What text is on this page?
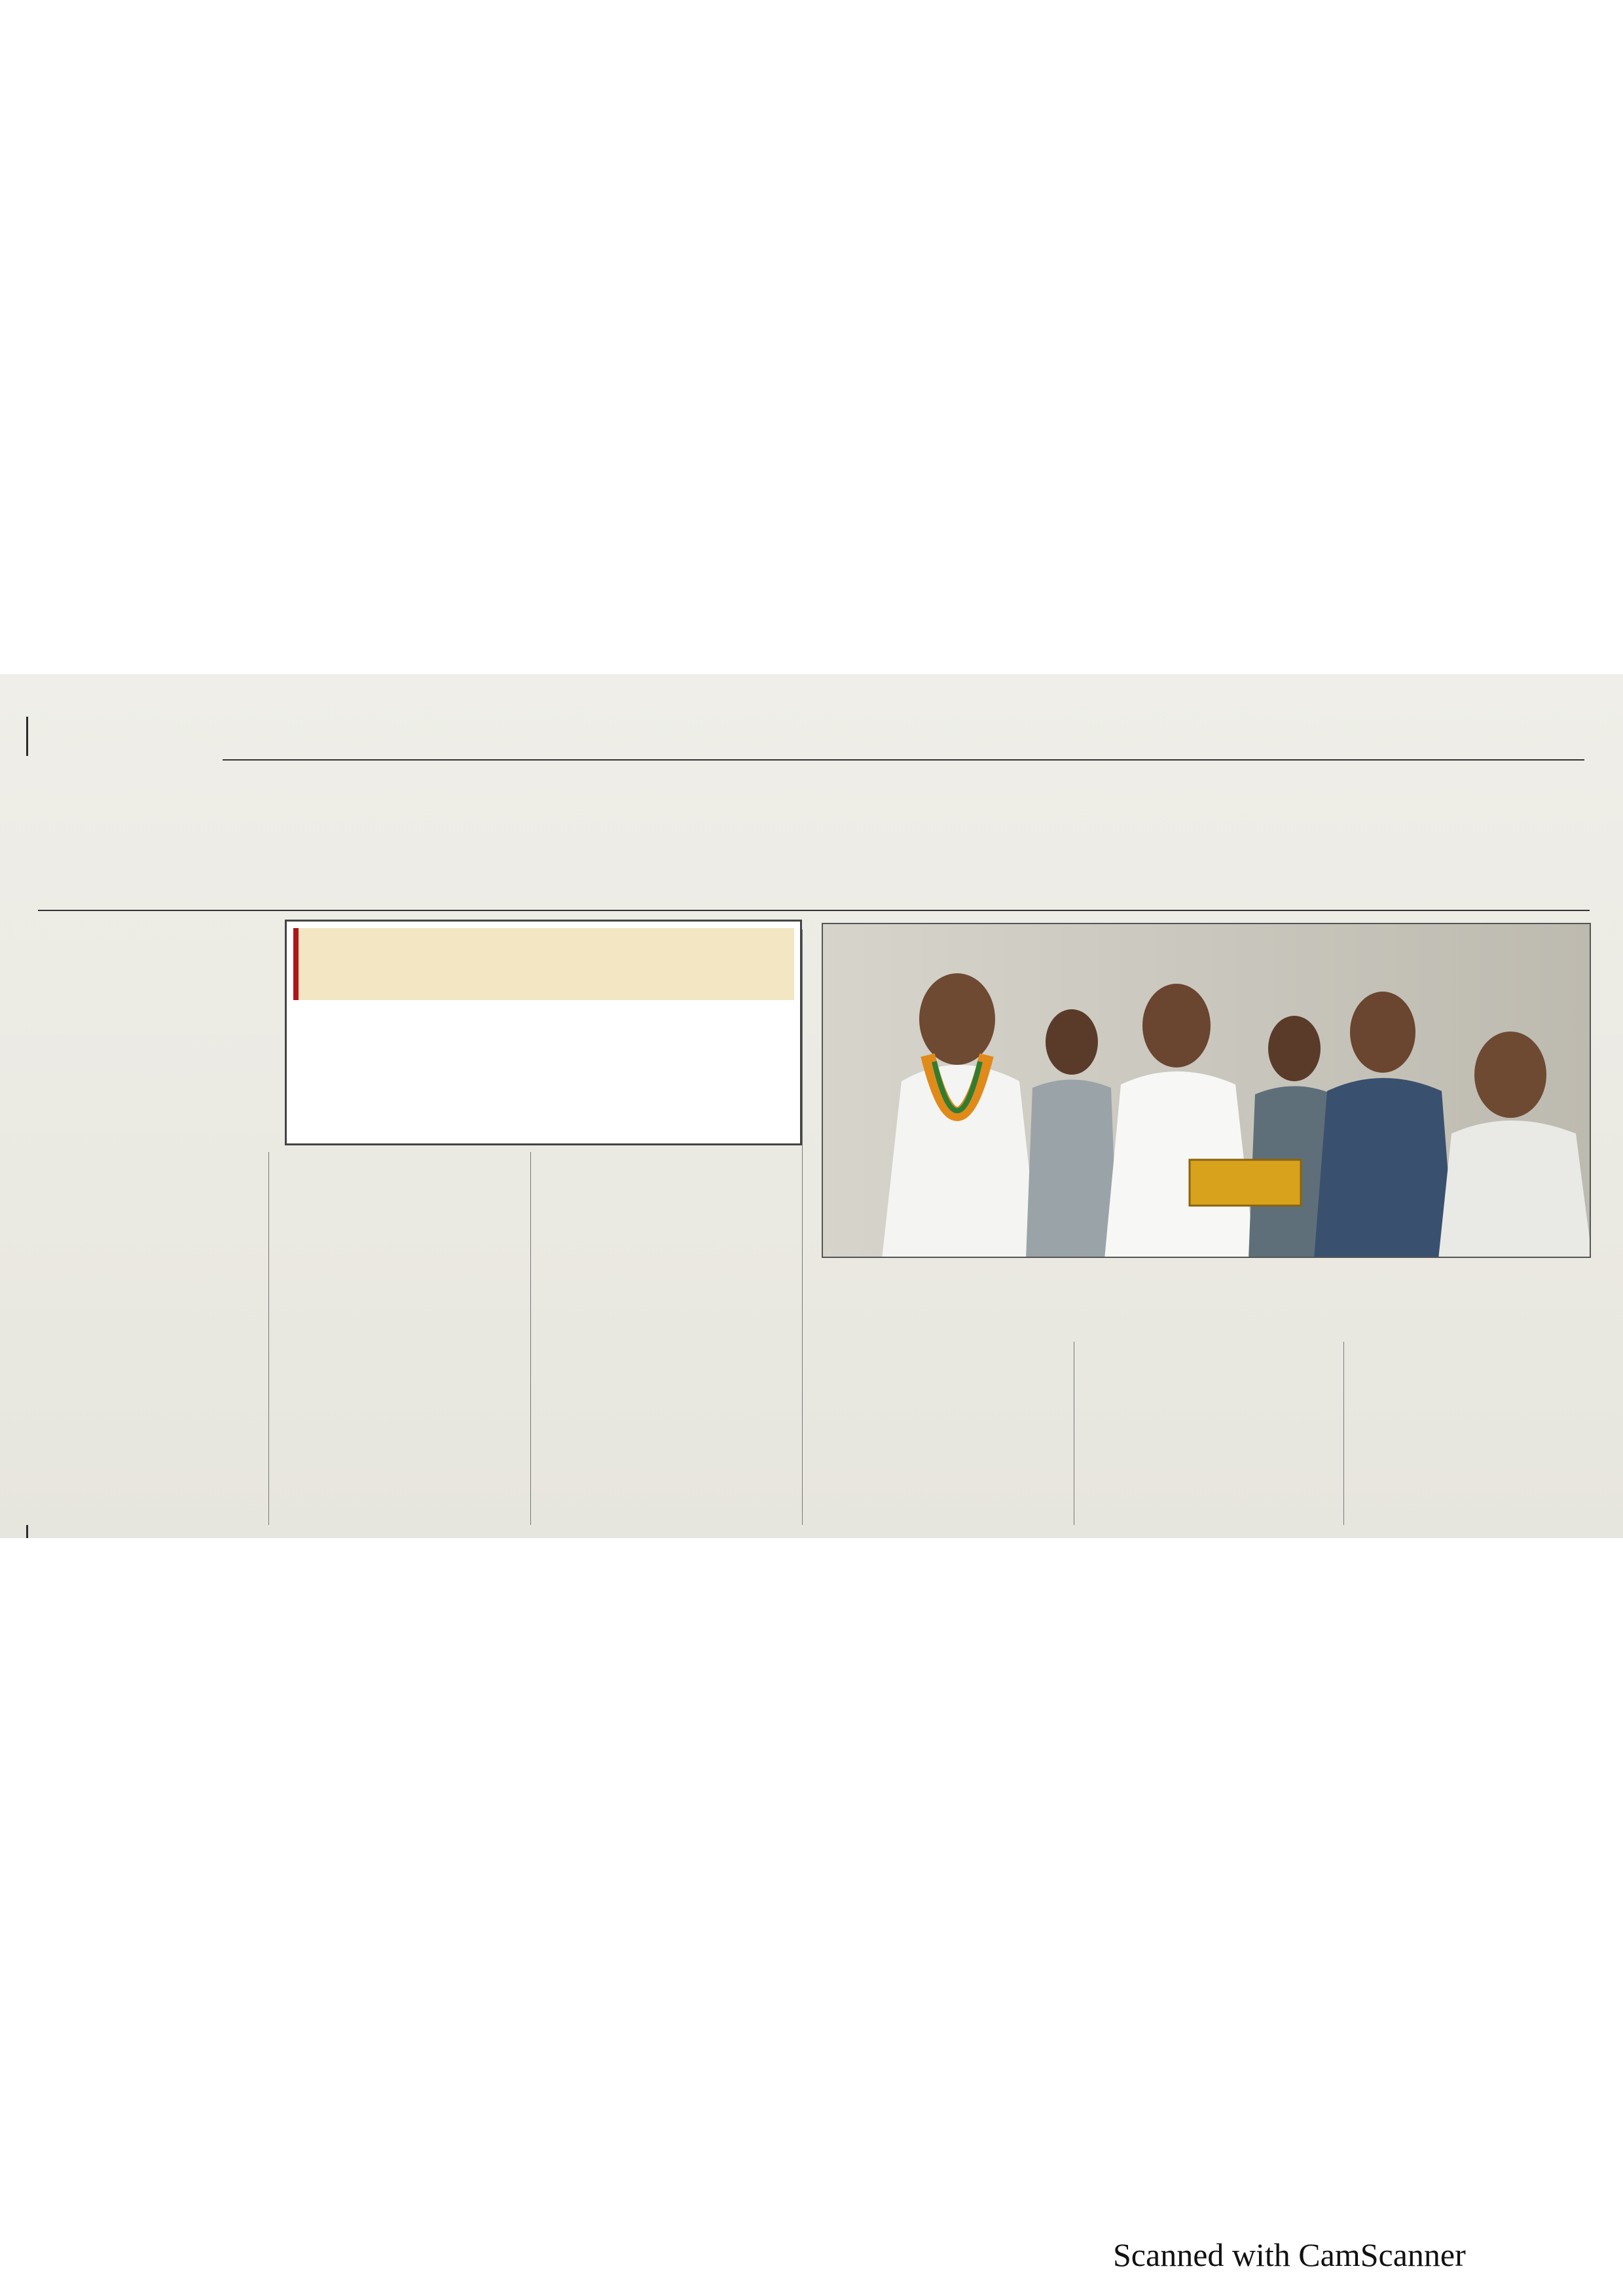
Scanned with CamScanner
